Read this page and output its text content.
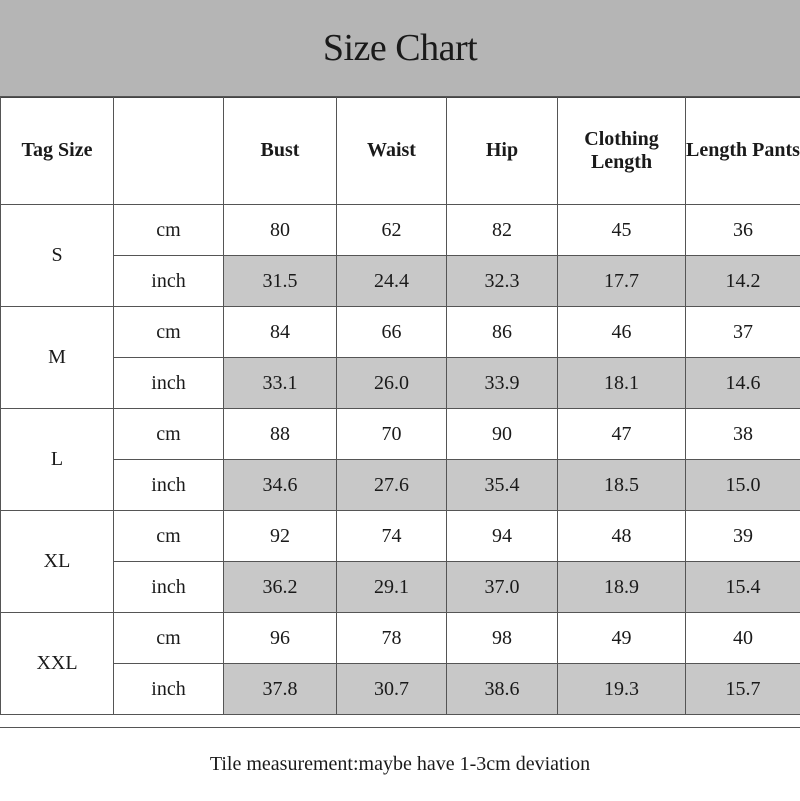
Size Chart
Tag Size		Bust	Waist	Hip	Clothing Length	Length Pants
S	cm	80	62	82	45	36
	inch	31.5	24.4	32.3	17.7	14.2
M	cm	84	66	86	46	37
	inch	33.1	26.0	33.9	18.1	14.6
L	cm	88	70	90	47	38
	inch	34.6	27.6	35.4	18.5	15.0
XL	cm	92	74	94	48	39
	inch	36.2	29.1	37.0	18.9	15.4
XXL	cm	96	78	98	49	40
	inch	37.8	30.7	38.6	19.3	15.7
Tile measurement:maybe have 1-3cm deviation
